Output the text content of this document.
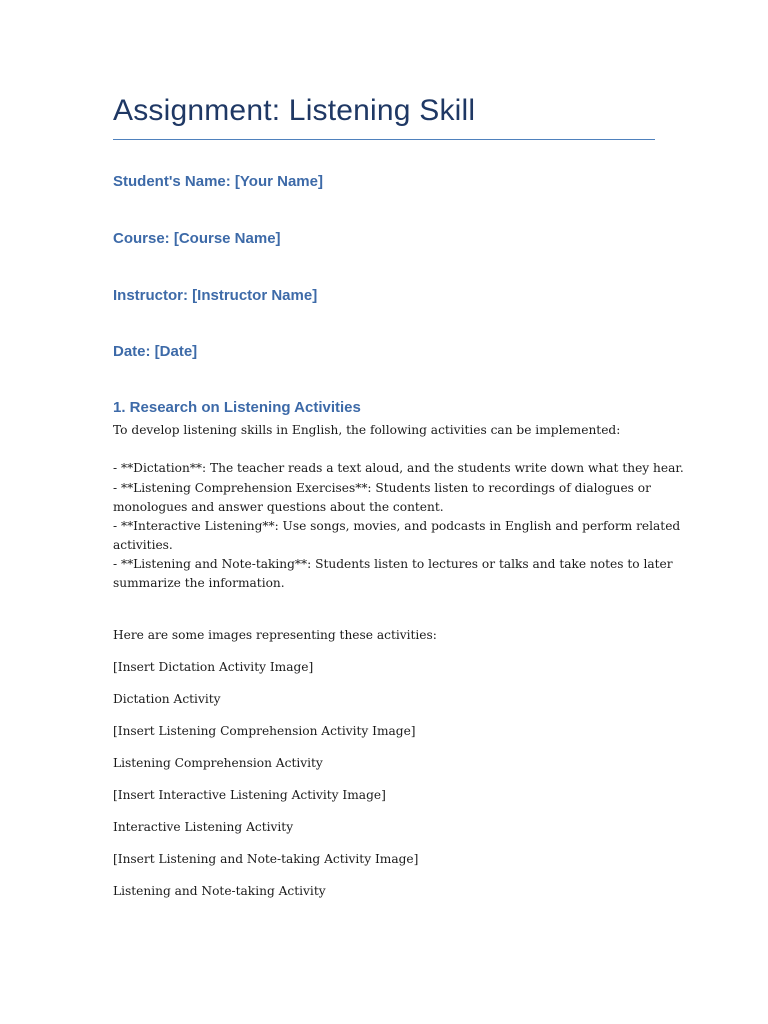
Assignment: Listening Skill
Student's Name: [Your Name]
Course: [Course Name]
Instructor: [Instructor Name]
Date: [Date]
1. Research on Listening Activities
To develop listening skills in English, the following activities can be implemented:
- **Dictation**: The teacher reads a text aloud, and the students write down what they hear.
- **Listening Comprehension Exercises**: Students listen to recordings of dialogues or
monologues and answer questions about the content.
- **Interactive Listening**: Use songs, movies, and podcasts in English and perform related
activities.
- **Listening and Note-taking**: Students listen to lectures or talks and take notes to later
summarize the information.
Here are some images representing these activities:
[Insert Dictation Activity Image]
Dictation Activity
[Insert Listening Comprehension Activity Image]
Listening Comprehension Activity
[Insert Interactive Listening Activity Image]
Interactive Listening Activity
[Insert Listening and Note-taking Activity Image]
Listening and Note-taking Activity
